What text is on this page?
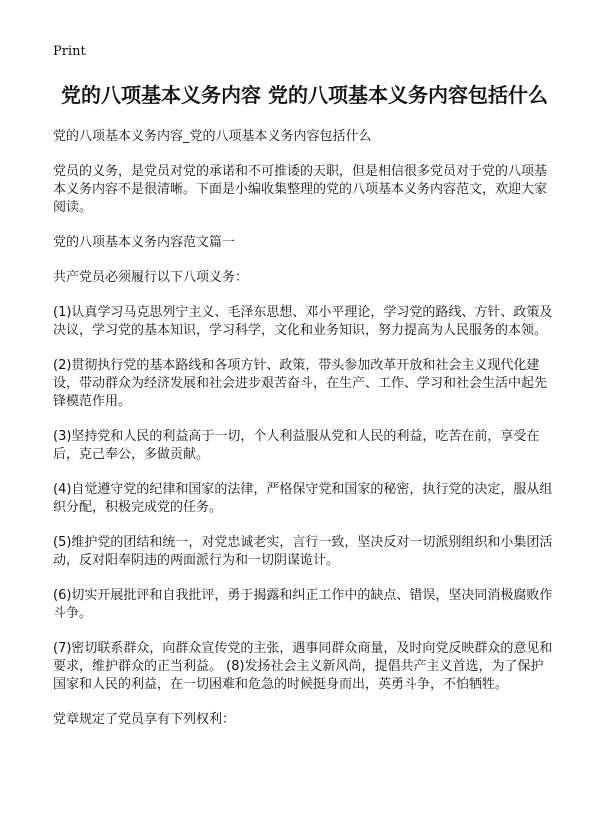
Print
党的八项基本义务内容 党的八项基本义务内容包括什么

党的八项基本义务内容_党的八项基本义务内容包括什么

党员的义务，是党员对党的承诺和不可推诿的天职，但是相信很多党员对于党的八项基本义务内容不是很清晰。下面是小编收集整理的党的八项基本义务内容范文，欢迎大家阅读。

党的八项基本义务内容范文篇一

共产党员必须履行以下八项义务：

(1)认真学习马克思列宁主义、毛泽东思想、邓小平理论，学习党的路线、方针、政策及决议，学习党的基本知识，学习科学，文化和业务知识，努力提高为人民服务的本领。

(2)贯彻执行党的基本路线和各项方针、政策，带头参加改革开放和社会主义现代化建设，带动群众为经济发展和社会进步艰苦奋斗，在生产、工作、学习和社会生活中起先锋模范作用。

(3)坚持党和人民的利益高于一切，个人利益服从党和人民的利益，吃苦在前，享受在后，克己奉公，多做贡献。

(4)自觉遵守党的纪律和国家的法律，严格保守党和国家的秘密，执行党的决定，服从组织分配，积极完成党的任务。

(5)维护党的团结和统一，对党忠诚老实，言行一致，坚决反对一切派别组织和小集团活动，反对阳奉阴违的两面派行为和一切阴谋诡计。

(6)切实开展批评和自我批评，勇于揭露和纠正工作中的缺点、错误，坚决同消极腐败作斗争。

(7)密切联系群众，向群众宣传党的主张，遇事同群众商量，及时向党反映群众的意见和要求，维护群众的正当利益。 (8)发扬社会主义新风尚，提倡共产主义首选，为了保护国家和人民的利益，在一切困难和危急的时候挺身而出，英勇斗争，不怕牺牲。

党章规定了党员享有下列权利：
